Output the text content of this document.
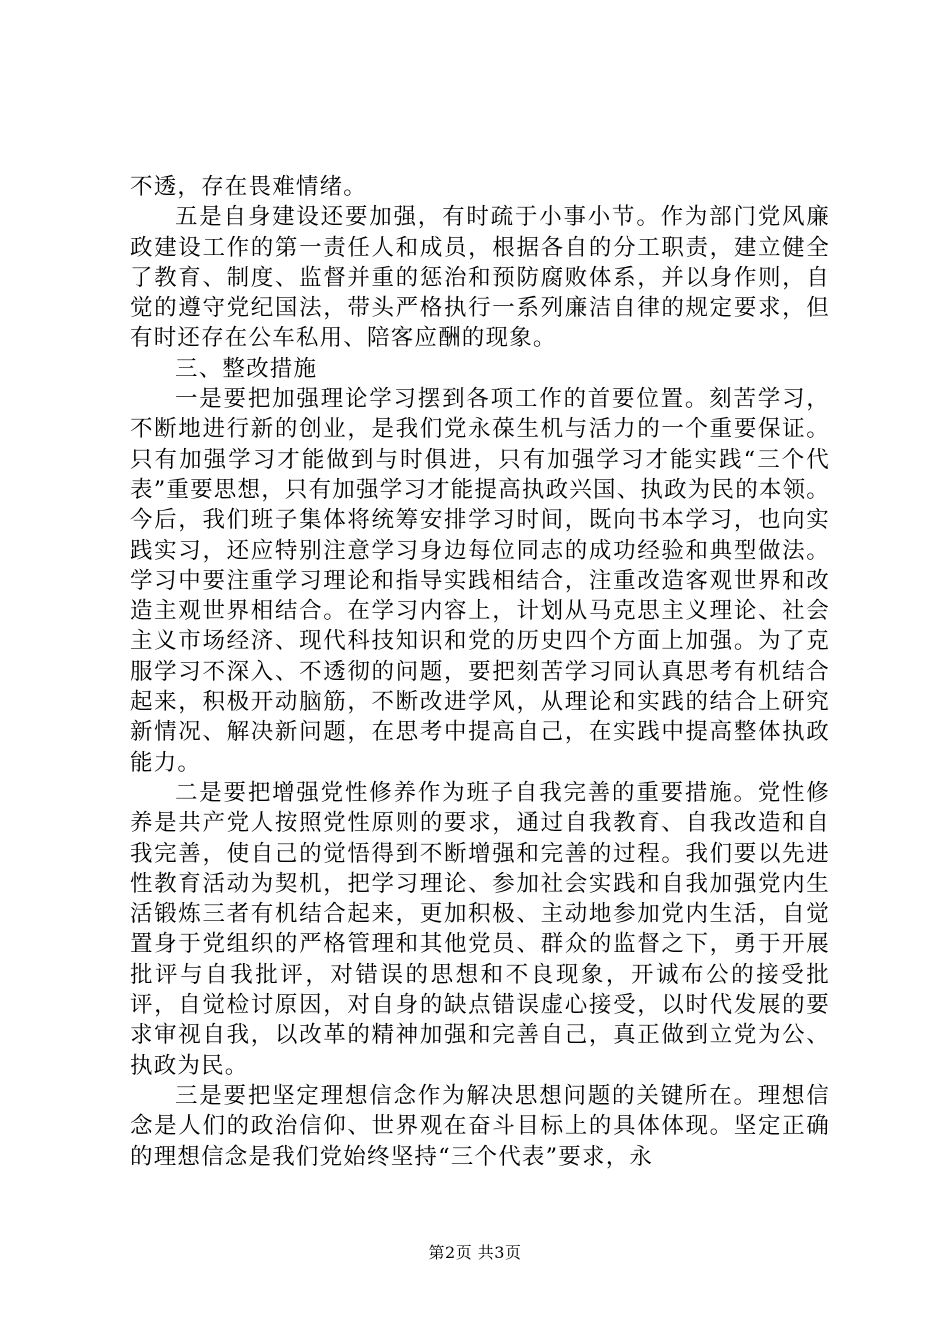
不透，存在畏难情绪。

五是自身建设还要加强，有时疏于小事小节。作为部门党风廉政建设工作的第一责任人和成员，根据各自的分工职责，建立健全了教育、制度、监督并重的惩治和预防腐败体系，并以身作则，自觉的遵守党纪国法，带头严格执行一系列廉洁自律的规定要求，但有时还存在公车私用、陪客应酬的现象。

三、整改措施

一是要把加强理论学习摆到各项工作的首要位置。刻苦学习，不断地进行新的创业，是我们党永葆生机与活力的一个重要保证。只有加强学习才能做到与时俱进，只有加强学习才能实践“三个代表”重要思想，只有加强学习才能提高执政兴国、执政为民的本领。今后，我们班子集体将统筹安排学习时间，既向书本学习，也向实践实习，还应特别注意学习身边每位同志的成功经验和典型做法。学习中要注重学习理论和指导实践相结合，注重改造客观世界和改造主观世界相结合。在学习内容上，计划从马克思主义理论、社会主义市场经济、现代科技知识和党的历史四个方面上加强。为了克服学习不深入、不透彻的问题，要把刻苦学习同认真思考有机结合起来，积极开动脑筋，不断改进学风，从理论和实践的结合上研究新情况、解决新问题，在思考中提高自己，在实践中提高整体执政能力。

二是要把增强党性修养作为班子自我完善的重要措施。党性修养是共产党人按照党性原则的要求，通过自我教育、自我改造和自我完善，使自己的觉悟得到不断增强和完善的过程。我们要以先进性教育活动为契机，把学习理论、参加社会实践和自我加强党内生活锻炼三者有机结合起来，更加积极、主动地参加党内生活，自觉置身于党组织的严格管理和其他党员、群众的监督之下，勇于开展批评与自我批评，对错误的思想和不良现象，开诚布公的接受批评，自觉检讨原因，对自身的缺点错误虚心接受，以时代发展的要求审视自我，以改革的精神加强和完善自己，真正做到立党为公、执政为民。

三是要把坚定理想信念作为解决思想问题的关键所在。理想信念是人们的政治信仰、世界观在奋斗目标上的具体体现。坚定正确的理想信念是我们党始终坚持“三个代表”要求，永

第2页 共3页
